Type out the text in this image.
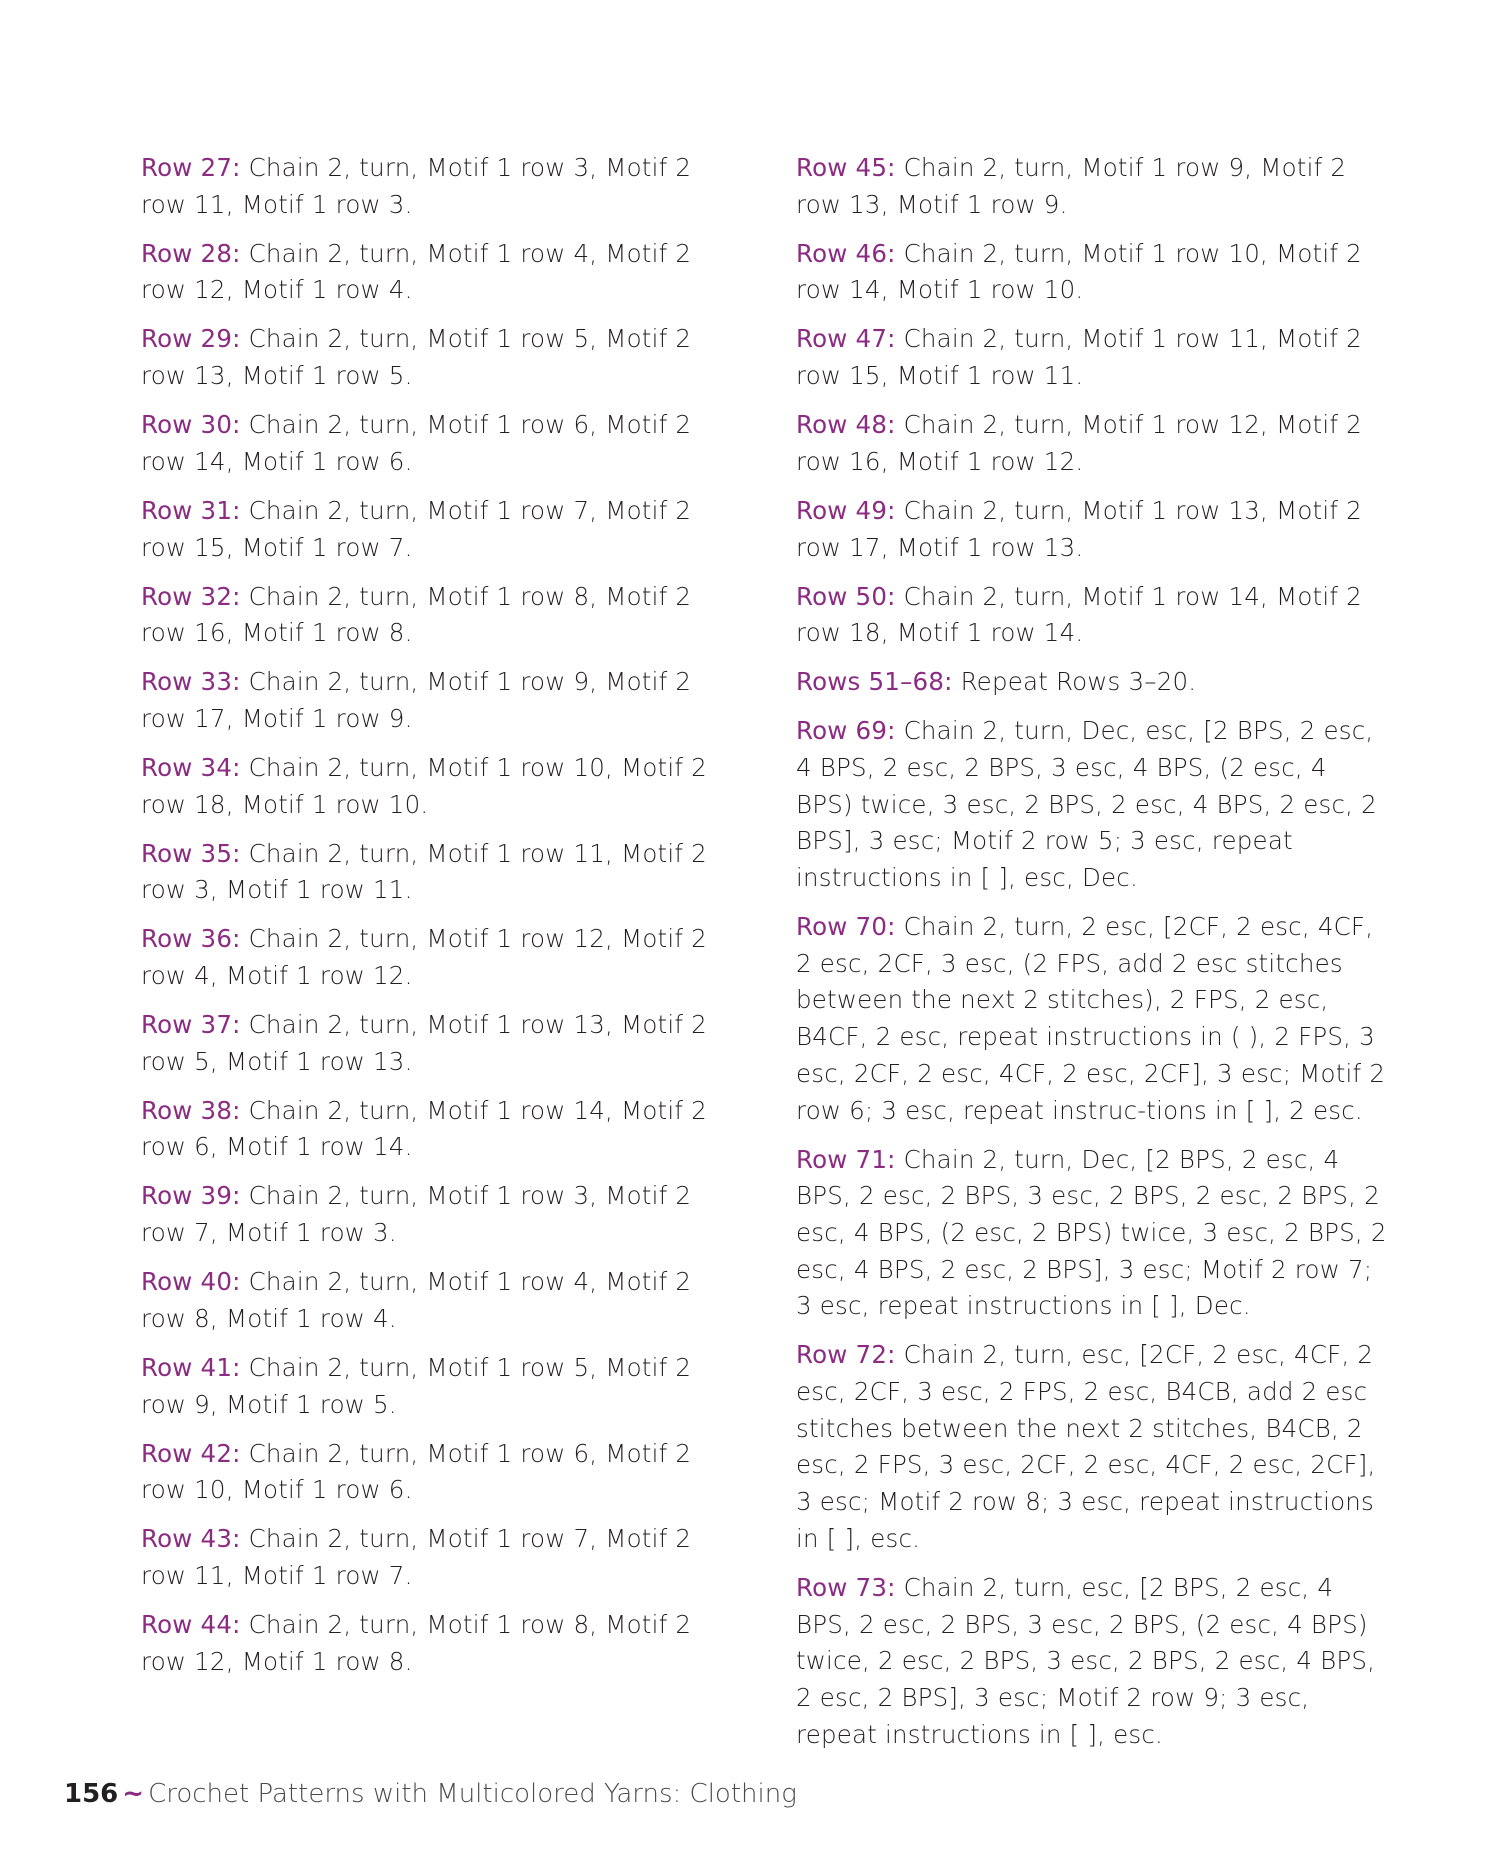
Row 27: Chain 2, turn, Motif 1 row 3, Motif 2 row 11, Motif 1 row 3.

Row 28: Chain 2, turn, Motif 1 row 4, Motif 2 row 12, Motif 1 row 4.

Row 29: Chain 2, turn, Motif 1 row 5, Motif 2 row 13, Motif 1 row 5.

Row 30: Chain 2, turn, Motif 1 row 6, Motif 2 row 14, Motif 1 row 6.

Row 31: Chain 2, turn, Motif 1 row 7, Motif 2 row 15, Motif 1 row 7.

Row 32: Chain 2, turn, Motif 1 row 8, Motif 2 row 16, Motif 1 row 8.

Row 33: Chain 2, turn, Motif 1 row 9, Motif 2 row 17, Motif 1 row 9.

Row 34: Chain 2, turn, Motif 1 row 10, Motif 2 row 18, Motif 1 row 10.

Row 35: Chain 2, turn, Motif 1 row 11, Motif 2 row 3, Motif 1 row 11.

Row 36: Chain 2, turn, Motif 1 row 12, Motif 2 row 4, Motif 1 row 12.

Row 37: Chain 2, turn, Motif 1 row 13, Motif 2 row 5, Motif 1 row 13.

Row 38: Chain 2, turn, Motif 1 row 14, Motif 2 row 6, Motif 1 row 14.

Row 39: Chain 2, turn, Motif 1 row 3, Motif 2 row 7, Motif 1 row 3.

Row 40: Chain 2, turn, Motif 1 row 4, Motif 2 row 8, Motif 1 row 4.

Row 41: Chain 2, turn, Motif 1 row 5, Motif 2 row 9, Motif 1 row 5.

Row 42: Chain 2, turn, Motif 1 row 6, Motif 2 row 10, Motif 1 row 6.

Row 43: Chain 2, turn, Motif 1 row 7, Motif 2 row 11, Motif 1 row 7.

Row 44: Chain 2, turn, Motif 1 row 8, Motif 2 row 12, Motif 1 row 8.

Row 45: Chain 2, turn, Motif 1 row 9, Motif 2 row 13, Motif 1 row 9.

Row 46: Chain 2, turn, Motif 1 row 10, Motif 2 row 14, Motif 1 row 10.

Row 47: Chain 2, turn, Motif 1 row 11, Motif 2 row 15, Motif 1 row 11.

Row 48: Chain 2, turn, Motif 1 row 12, Motif 2 row 16, Motif 1 row 12.

Row 49: Chain 2, turn, Motif 1 row 13, Motif 2 row 17, Motif 1 row 13.

Row 50: Chain 2, turn, Motif 1 row 14, Motif 2 row 18, Motif 1 row 14.

Rows 51–68: Repeat Rows 3–20.

Row 69: Chain 2, turn, Dec, esc, [2 BPS, 2 esc, 4 BPS, 2 esc, 2 BPS, 3 esc, 4 BPS, (2 esc, 4 BPS) twice, 3 esc, 2 BPS, 2 esc, 4 BPS, 2 esc, 2 BPS], 3 esc; Motif 2 row 5; 3 esc, repeat instructions in [ ], esc, Dec.

Row 70: Chain 2, turn, 2 esc, [2CF, 2 esc, 4CF, 2 esc, 2CF, 3 esc, (2 FPS, add 2 esc stitches between the next 2 stitches), 2 FPS, 2 esc, B4CF, 2 esc, repeat instructions in ( ), 2 FPS, 3 esc, 2CF, 2 esc, 4CF, 2 esc, 2CF], 3 esc; Motif 2 row 6; 3 esc, repeat instruc-tions in [ ], 2 esc.

Row 71: Chain 2, turn, Dec, [2 BPS, 2 esc, 4 BPS, 2 esc, 2 BPS, 3 esc, 2 BPS, 2 esc, 2 BPS, 2 esc, 4 BPS, (2 esc, 2 BPS) twice, 3 esc, 2 BPS, 2 esc, 4 BPS, 2 esc, 2 BPS], 3 esc; Motif 2 row 7; 3 esc, repeat instructions in [ ], Dec.

Row 72: Chain 2, turn, esc, [2CF, 2 esc, 4CF, 2 esc, 2CF, 3 esc, 2 FPS, 2 esc, B4CB, add 2 esc stitches between the next 2 stitches, B4CB, 2 esc, 2 FPS, 3 esc, 2CF, 2 esc, 4CF, 2 esc, 2CF], 3 esc; Motif 2 row 8; 3 esc, repeat instructions in [ ], esc.

Row 73: Chain 2, turn, esc, [2 BPS, 2 esc, 4 BPS, 2 esc, 2 BPS, 3 esc, 2 BPS, (2 esc, 4 BPS) twice, 2 esc, 2 BPS, 3 esc, 2 BPS, 2 esc, 4 BPS, 2 esc, 2 BPS], 3 esc; Motif 2 row 9; 3 esc, repeat instructions in [ ], esc.

156 ~ Crochet Patterns with Multicolored Yarns: Clothing
